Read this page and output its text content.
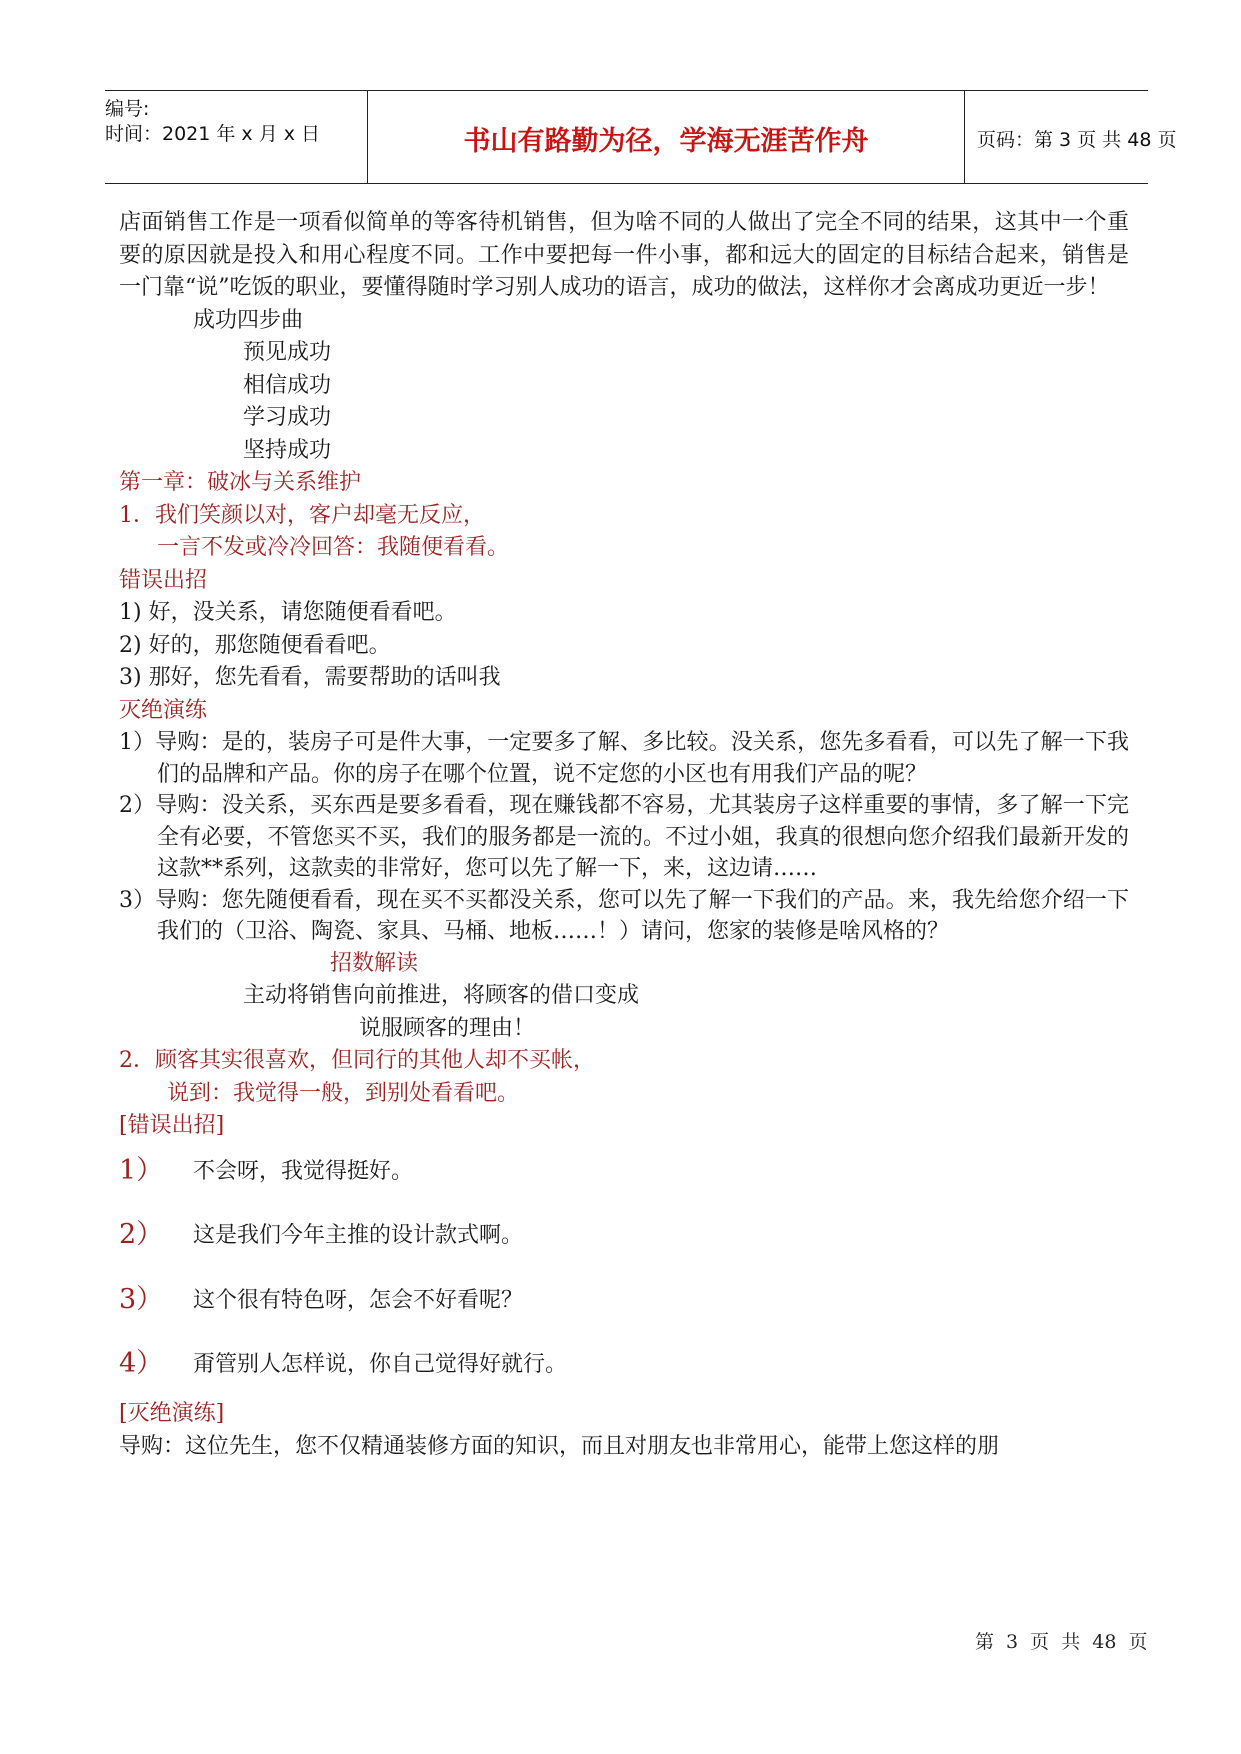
编号:
时间：2021 年 x 月 x 日	书山有路勤为径，学海无涯苦作舟	页码：第 3 页 共 48 页
店面销售工作是一项看似简单的等客待机销售，但为啥不同的人做出了完全不同的结果，这其中一个重要的原因就是投入和用心程度不同。工作中要把每一件小事，都和远大的固定的目标结合起来，销售是一门靠“说”吃饭的职业，要懂得随时学习别人成功的语言，成功的做法，这样你才会离成功更近一步！
成功四步曲
预见成功
相信成功
学习成功
坚持成功
第一章：破冰与关系维护
1．我们笑颜以对，客户却毫无反应，
一言不发或冷冷回答：我随便看看。
错误出招
1) 好，没关系，请您随便看看吧。
2) 好的，那您随便看看吧。
3) 那好，您先看看，需要帮助的话叫我
灭绝演练
1）导购：是的，装房子可是件大事，一定要多了解、多比较。没关系，您先多看看，可以先了解一下我们的品牌和产品。你的房子在哪个位置，说不定您的小区也有用我们产品的呢？
2）导购：没关系，买东西是要多看看，现在赚钱都不容易，尤其装房子这样重要的事情，多了解一下完全有必要，不管您买不买，我们的服务都是一流的。不过小姐，我真的很想向您介绍我们最新开发的这款**系列，这款卖的非常好，您可以先了解一下，来，这边请……
3）导购：您先随便看看，现在买不买都没关系，您可以先了解一下我们的产品。来，我先给您介绍一下我们的（卫浴、陶瓷、家具、马桶、地板……！）请问，您家的装修是啥风格的？
招数解读
主动将销售向前推进，将顾客的借口变成
说服顾客的理由！
2．顾客其实很喜欢，但同行的其他人却不买帐，
说到：我觉得一般，到别处看看吧。
[错误出招]
1） 不会呀，我觉得挺好。
2） 这是我们今年主推的设计款式啊。
3） 这个很有特色呀，怎会不好看呢？
4） 甭管别人怎样说，你自己觉得好就行。
[灭绝演练]
导购：这位先生，您不仅精通装修方面的知识，而且对朋友也非常用心，能带上您这样的朋
第 3 页 共 48 页
